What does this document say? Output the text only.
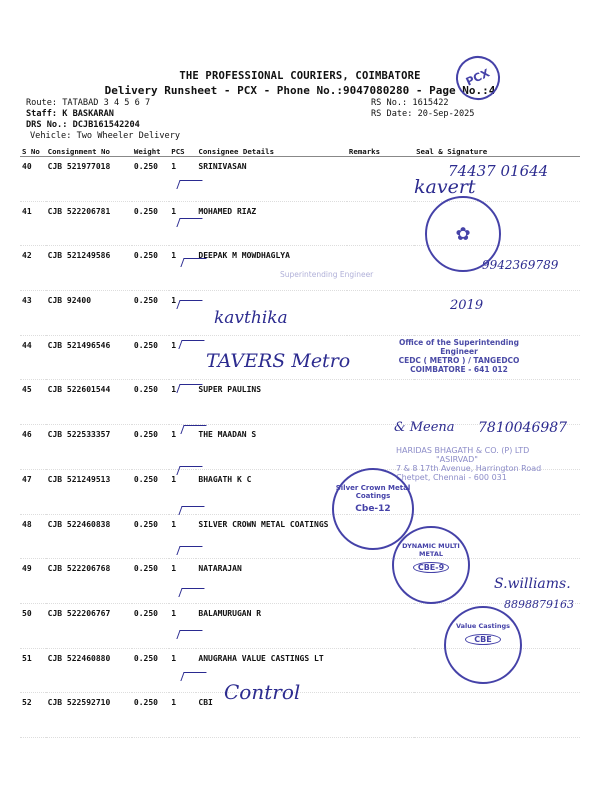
THE PROFESSIONAL COURIERS, COIMBATORE
Delivery Runsheet - PCX - Phone No.:9047080280 - Page No.:4
Route: TATABAD 3 4 5 6 7
Staff: K BASKARAN
DRS No.: DCJB161542204
Vehicle: Two Wheeler Delivery
RS No.: 1615422
RS Date: 20-Sep-2025
S No	Consignment No	Weight	PCS	Consignee Details	Remarks	Seal & Signature
40	CJB 521977018	0.250	1	SRINIVASAN		
41	CJB 522206781	0.250	1	MOHAMED RIAZ		
42	CJB 521249586	0.250	1	DEEPAK M MOWDHAGLYA		
43	CJB 92400	0.250	1			
44	CJB 521496546	0.250	1			
45	CJB 522601544	0.250	1	SUPER PAULINS		
46	CJB 522533357	0.250	1	THE MAADAN S		
47	CJB 521249513	0.250	1	BHAGATH K C		
48	CJB 522460838	0.250	1	SILVER CROWN METAL COATINGS		
49	CJB 522206768	0.250	1	NATARAJAN		
50	CJB 522206767	0.250	1	BALAMURUGAN R		
51	CJB 522460880	0.250	1	ANUGRAHA VALUE CASTINGS LT		
52	CJB 522592710	0.250	1	CBI		
PCX
74437 01644
kavert
9942369789
kavthika
2019
TAVERS Metro
& Meena 7810046987
S.williams.
8898879163
Control
✿
Superintending Engineer
Office of the Superintending Engineer
CEDC ( METRO ) / TANGEDCO
COIMBATORE - 641 012
HARIDAS BHAGATH & CO. (P) LTD
"ASIRVAD"
7 & 8 17th Avenue, Harrington Road
Chetpet, Chennai - 600 031
Silver Crown Metal Coatings
Cbe-12
DYNAMIC MULTI METAL
CBE-9
Value Castings
CBE
